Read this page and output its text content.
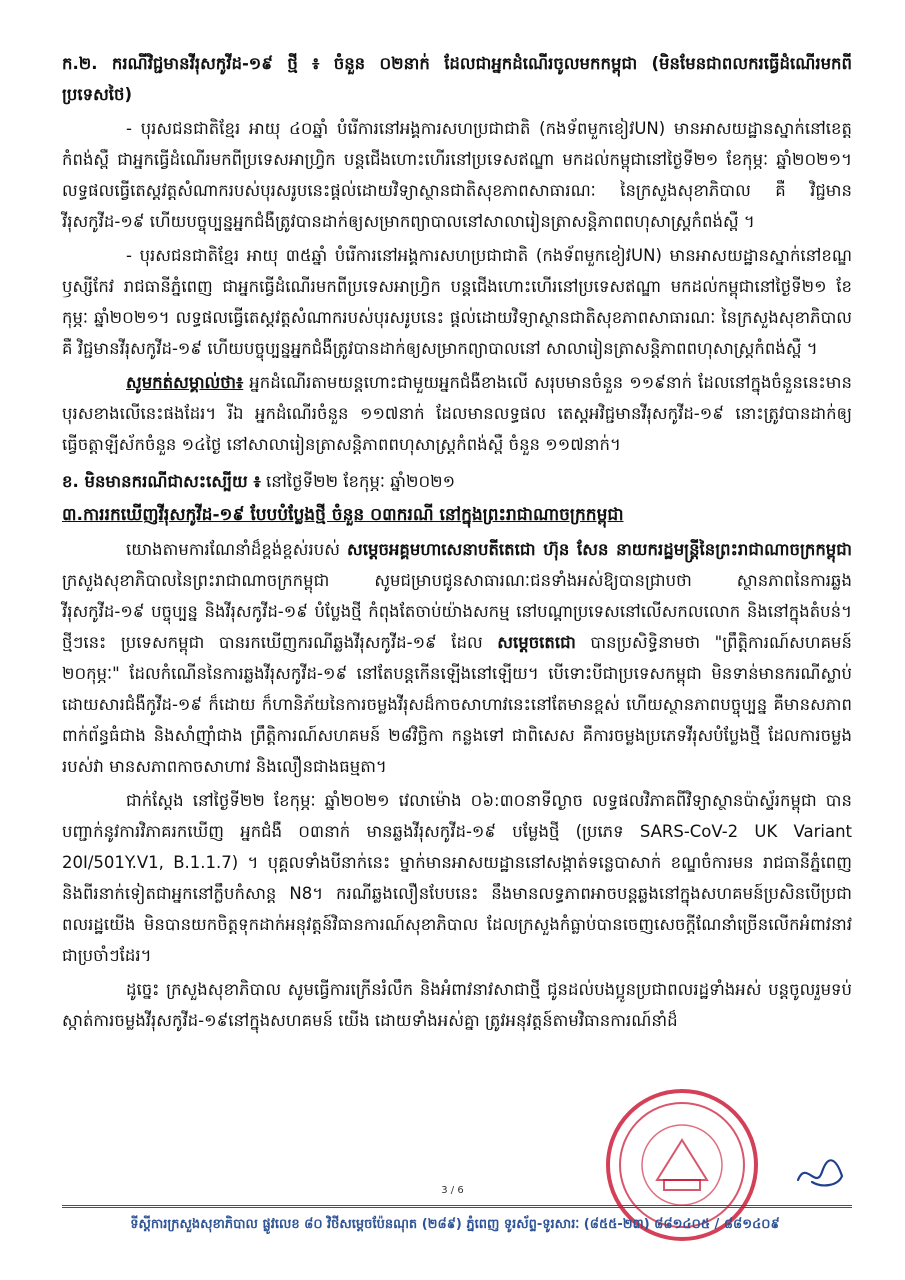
ក.២. ករណីវិជ្ជមានវីរុសកូវីដ-១៩ ថ្មី ៖ ចំនួន ០២នាក់ ដែលជាអ្នកដំណើរចូលមកកម្ពុជា (មិនមែនជាពលករធ្វើដំណើរមកពីប្រទេសថៃ)

- បុរសជនជាតិខ្មែរ អាយុ ៤០ឆ្នាំ បំរើការនៅអង្គការសហប្រជាជាតិ (កងទ័ពមួកខៀវUN) មានអាសយដ្ឋានស្នាក់នៅខេត្តកំពង់ស្ពឺ ជាអ្នកធ្វើដំណើរមកពីប្រទេសអាហ្វ្រិក បន្តជើងហោះហើរនៅប្រទេសឥណ្ឌា មកដល់កម្ពុជានៅថ្ងៃទី២១ ខែកុម្ភៈ ឆ្នាំ២០២១។ លទ្ធផលធ្វើតេស្តវត្តសំណាករបស់បុរសរូបនេះផ្តល់ដោយវិទ្យាស្ថានជាតិសុខភាពសាធារណៈ នៃក្រសួងសុខាភិបាល គឺ វិជ្ជមានវីរុសកូវីដ-១៩ ហើយបច្ចុប្បន្នអ្នកជំងឺត្រូវបានដាក់ឲ្យសម្រាកព្យាបាលនៅសាលារៀនត្រាសន្តិភាពពហុសាស្ត្រកំពង់ស្ពឺ ។

- បុរសជនជាតិខ្មែរ អាយុ ៣៥ឆ្នាំ បំរើការនៅអង្គការសហប្រជាជាតិ (កងទ័ពមួកខៀវUN) មានអាសយដ្ឋានស្នាក់នៅខណ្ឌឫស្សីកែវ រាជធានីភ្នំពេញ ជាអ្នកធ្វើដំណើរមកពីប្រទេសអាហ្វ្រិក បន្តជើងហោះហើរនៅប្រទេសឥណ្ឌា មកដល់កម្ពុជានៅថ្ងៃទី២១ ខែកុម្ភៈ ឆ្នាំ២០២១។ លទ្ធផលធ្វើតេស្តវត្តសំណាករបស់បុរសរូបនេះ ផ្តល់ដោយវិទ្យាស្ថានជាតិសុខភាពសាធារណៈ នៃក្រសួងសុខាភិបាល គឺ វិជ្ជមានវីរុសកូវីដ-១៩ ហើយបច្ចុប្បន្នអ្នកជំងឺត្រូវបានដាក់ឲ្យសម្រាកព្យាបាលនៅ សាលារៀនត្រាសន្តិភាពពហុសាស្ត្រកំពង់ស្ពឺ ។

សូមកត់សម្គាល់ថា៖ អ្នកដំណើរតាមយន្តហោះជាមួយអ្នកជំងឺខាងលើ សរុបមានចំនួន ១១៩នាក់ ដែលនៅក្នុងចំនួននេះមាន បុរសខាងលើនេះផងដែរ។ រីឯ អ្នកដំណើរចំនួន ១១៧នាក់ ដែលមានលទ្ធផល តេស្តអវិជ្ជមានវីរុសកូវីដ-១៩ នោះត្រូវបានដាក់ឲ្យធ្វើចត្តាឡីស័កចំនួន ១៤ថ្ងៃ នៅសាលារៀនត្រាសន្តិភាពពហុសាស្ត្រកំពង់ស្ពឺ ចំនួន ១១៧នាក់។

ខ. មិនមានករណីជាសះស្បើយ ៖ នៅថ្ងៃទី២២ ខែកុម្ភៈ ឆ្នាំ២០២១

៣.ការរកឃើញវីរុសកូវីដ-១៩ បែបបំប្លែងថ្មី ចំនួន ០៣ករណី នៅក្នុងព្រះរាជាណាចក្រកម្ពុជា

យោងតាមការណែនាំដ៏ខ្ពង់ខ្ពស់របស់ សម្តេចអគ្គមហាសេនាបតីតេជោ ហ៊ុន សែន នាយករដ្ឋមន្ត្រីនៃព្រះរាជាណាចក្រកម្ពុជា ក្រសួងសុខាភិបាលនៃព្រះរាជាណាចក្រកម្ពុជា សូមជម្រាបជូនសាធារណៈជនទាំងអស់ឱ្យបានជ្រាបថា ស្ថានភាពនៃការឆ្លងវីរុសកូវីដ-១៩ បច្ចុប្បន្ន និងវីរុសកូវីដ-១៩ បំប្លែងថ្មី កំពុងតែចាប់យ៉ាងសកម្ម នៅបណ្តាប្រទេសនៅលើសកលលោក និងនៅក្នុងតំបន់។ ថ្មីៗនេះ ប្រទេសកម្ពុជា បានរកឃើញករណីឆ្លងវីរុសកូវីដ-១៩ ដែល សម្តេចតេជោ បានប្រសិទ្ធិនាមថា "ព្រឹត្តិការណ៍សហគមន៍ ២០កុម្ភៈ" ដែលកំណើននៃការឆ្លងវីរុសកូវីដ-១៩ នៅតែបន្តកើនឡើងនៅឡើយ។ បើទោះបីជាប្រទេសកម្ពុជា មិនទាន់មានករណីស្លាប់ដោយសារជំងឺកូវីដ-១៩ ក៏ដោយ ក៏ហានិភ័យនៃការចម្លងវីរុសដ៏កាចសាហាវនេះនៅតែមានខ្ពស់ ហើយស្ថានភាពបច្ចុប្បន្ន គឺមានសភាពពាក់ព័ន្ធធំជាង និងសាំញ៉ាំជាង ព្រឹត្តិការណ៍សហគមន៍ ២៨វិច្ឆិកា កន្លងទៅ ជាពិសេស គឺការចម្លងប្រភេទវីរុសបំប្លែងថ្មី ដែលការចម្លងរបស់វា មានសភាពកាចសាហាវ និងលឿនជាងធម្មតា។

ជាក់ស្តែង នៅថ្ងៃទី២២ ខែកុម្ភៈ ឆ្នាំ២០២១ វេលាម៉ោង ០៦:៣០នាទីល្ងាច លទ្ធផលវិភាគពីវិទ្យាស្ថានប៉ាស្ទ័រកម្ពុជា បានបញ្ជាក់នូវការវិភាគរកឃើញ អ្នកជំងឺ ០៣នាក់ មានឆ្លងវីរុសកូវីដ-១៩ បម្លែងថ្មី (ប្រភេទ SARS-CoV-2 UK Variant 20I/501Y.V1, B.1.1.7) ។ បុគ្គលទាំងបីនាក់នេះ ម្នាក់មានអាសយដ្ឋាននៅសង្កាត់ទន្លេបាសាក់ ខណ្ឌចំការមន រាជធានីភ្នំពេញ និងពីរនាក់ទៀតជាអ្នកនៅក្លឹបកំសាន្ត N8។ ករណីឆ្លងលឿនបែបនេះ នឹងមានលទ្ធភាពអាចបន្តឆ្លងនៅក្នុងសហគមន៍ប្រសិនបើប្រជាពលរដ្ឋយើង មិនបានយកចិត្តទុកដាក់អនុវត្តន៍វិធានការណ៍សុខាភិបាល ដែលក្រសួងកំធ្លាប់បានចេញសេចក្តីណែនាំច្រើនលើកអំពាវនាវជាប្រចាំៗដែរ។

ដូច្នេះ ក្រសួងសុខាភិបាល សូមធ្វើការក្រើនរំលឹក និងអំពាវនាវសាជាថ្មី ជូនដល់បងប្អូនប្រជាពលរដ្ឋទាំងអស់ បន្តចូលរួមទប់ស្កាត់ការចម្លងវីរុសកូវីដ-១៩នៅក្នុងសហគមន៍ យើង ដោយទាំងអស់គ្នា ត្រូវអនុវត្តន៍តាមវិធានការណ៍នាំដ៏

3 / 6
ទីស្តីការក្រសួងសុខាភិបាល ផ្លូវលេខ ៨០ វិថីសម្តេចប៉ែនណុត (២៨៩) ភ្នំពេញ ទូរស័ព្ទ-ទូរសារៈ (៨៥៥-២៣) ៨៨១៤០៥ / ៨៨១៤០៩
